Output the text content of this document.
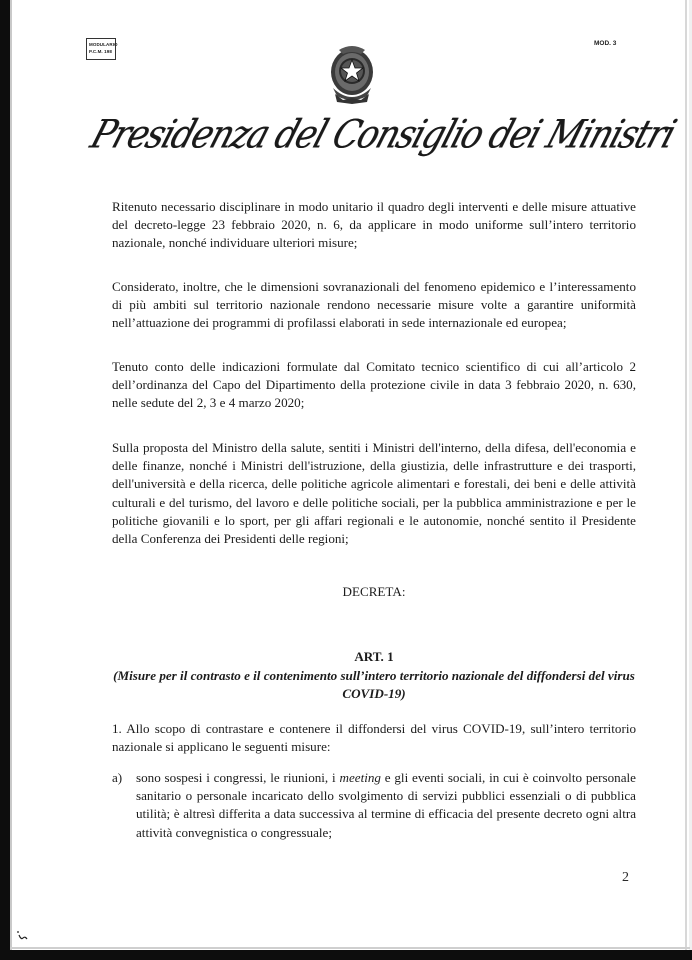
MODULARIO
P.C.M. 198
MOD. 3
Presidenza del Consiglio dei Ministri

Ritenuto necessario disciplinare in modo unitario il quadro degli interventi e delle misure attuative del decreto-legge 23 febbraio 2020, n. 6, da applicare in modo uniforme sull’intero territorio nazionale, nonché individuare ulteriori misure;

Considerato, inoltre, che le dimensioni sovranazionali del fenomeno epidemico e l’interessamento di più ambiti sul territorio nazionale rendono necessarie misure volte a garantire uniformità nell’attuazione dei programmi di profilassi elaborati in sede internazionale ed europea;

Tenuto conto delle indicazioni formulate dal Comitato tecnico scientifico di cui all’articolo 2 dell’ordinanza del Capo del Dipartimento della protezione civile in data 3 febbraio 2020, n. 630, nelle sedute del 2, 3 e 4 marzo 2020;

Sulla proposta del Ministro della salute, sentiti i Ministri dell'interno, della difesa, dell'economia e delle finanze, nonché i Ministri dell'istruzione, della giustizia, delle infrastrutture e dei trasporti, dell'università e della ricerca, delle politiche agricole alimentari e forestali, dei beni e delle attività culturali e del turismo, del lavoro e delle politiche sociali, per la pubblica amministrazione e per le politiche giovanili e lo sport, per gli affari regionali e le autonomie, nonché sentito il Presidente della Conferenza dei Presidenti delle regioni;

DECRETA:
ART. 1
(Misure per il contrasto e il contenimento sull’intero territorio nazionale del diffondersi del virus COVID-19)

1. Allo scopo di contrastare e contenere il diffondersi del virus COVID-19, sull’intero territorio nazionale si applicano le seguenti misure:

a) sono sospesi i congressi, le riunioni, i meeting e gli eventi sociali, in cui è coinvolto personale sanitario o personale incaricato dello svolgimento di servizi pubblici essenziali o di pubblica utilità; è altresì differita a data successiva al termine di efficacia del presente decreto ogni altra attività convegnistica o congressuale;
2
